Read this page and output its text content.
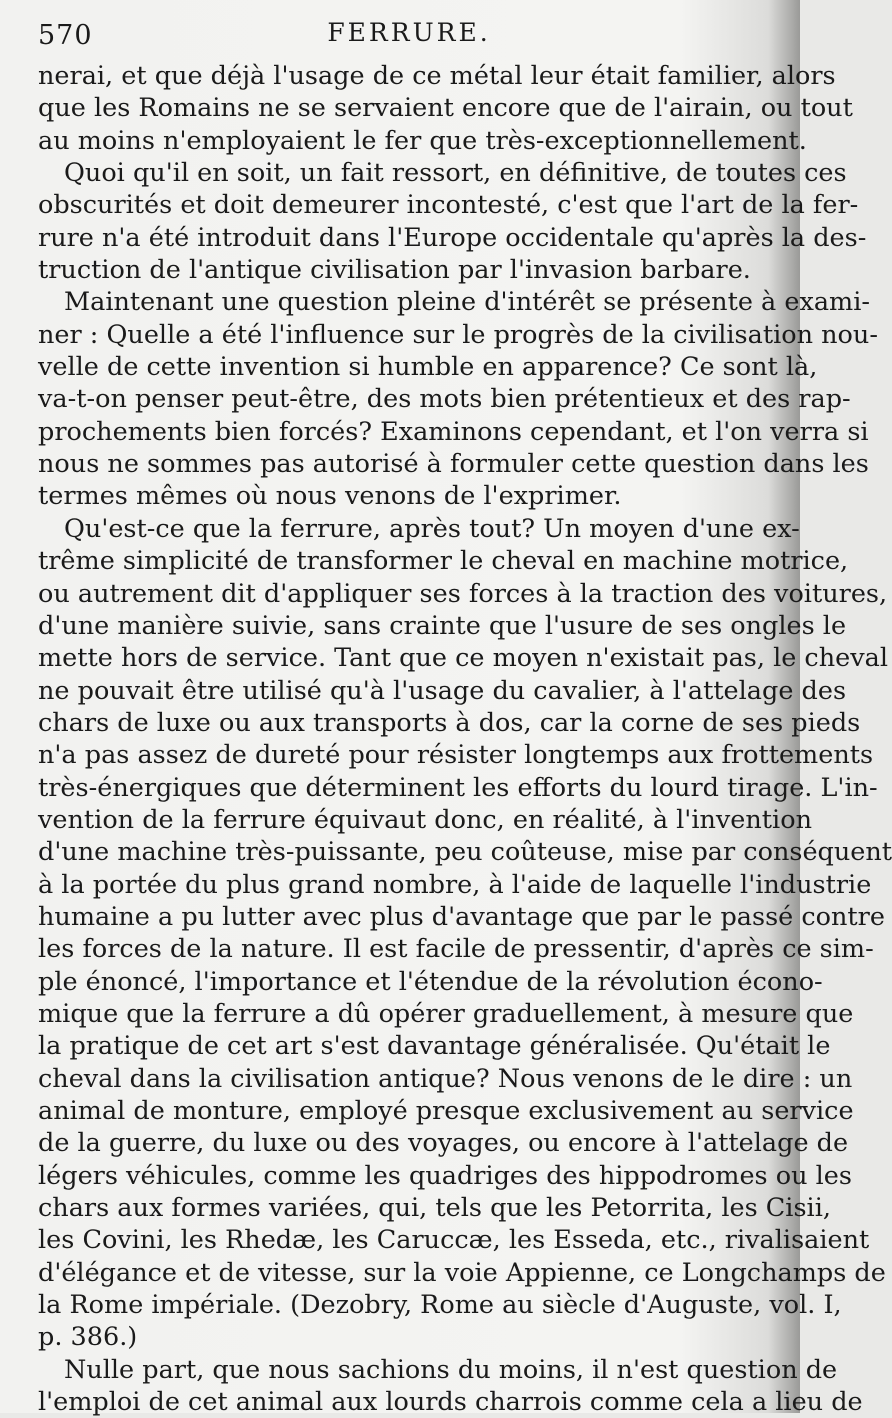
570	FERRURE.
nerai, et que déjà l'usage de ce métal leur était familier, alors
que les Romains ne se servaient encore que de l'airain, ou tout
au moins n'employaient le fer que très-exceptionnellement.
Quoi qu'il en soit, un fait ressort, en définitive, de toutes ces
obscurités et doit demeurer incontesté, c'est que l'art de la fer-
rure n'a été introduit dans l'Europe occidentale qu'après la des-
truction de l'antique civilisation par l'invasion barbare.
Maintenant une question pleine d'intérêt se présente à exami-
ner : Quelle a été l'influence sur le progrès de la civilisation nou-
velle de cette invention si humble en apparence? Ce sont là,
va-t-on penser peut-être, des mots bien prétentieux et des rap-
prochements bien forcés? Examinons cependant, et l'on verra si
nous ne sommes pas autorisé à formuler cette question dans les
termes mêmes où nous venons de l'exprimer.
Qu'est-ce que la ferrure, après tout? Un moyen d'une ex-
trême simplicité de transformer le cheval en machine motrice,
ou autrement dit d'appliquer ses forces à la traction des voitures,
d'une manière suivie, sans crainte que l'usure de ses ongles le
mette hors de service. Tant que ce moyen n'existait pas, le cheval
ne pouvait être utilisé qu'à l'usage du cavalier, à l'attelage des
chars de luxe ou aux transports à dos, car la corne de ses pieds
n'a pas assez de dureté pour résister longtemps aux frottements
très-énergiques que déterminent les efforts du lourd tirage. L'in-
vention de la ferrure équivaut donc, en réalité, à l'invention
d'une machine très-puissante, peu coûteuse, mise par conséquent
à la portée du plus grand nombre, à l'aide de laquelle l'industrie
humaine a pu lutter avec plus d'avantage que par le passé contre
les forces de la nature. Il est facile de pressentir, d'après ce sim-
ple énoncé, l'importance et l'étendue de la révolution écono-
mique que la ferrure a dû opérer graduellement, à mesure que
la pratique de cet art s'est davantage généralisée. Qu'était le
cheval dans la civilisation antique? Nous venons de le dire : un
animal de monture, employé presque exclusivement au service
de la guerre, du luxe ou des voyages, ou encore à l'attelage de
légers véhicules, comme les quadriges des hippodromes ou les
chars aux formes variées, qui, tels que les Petorrita, les Cisii,
les Covini, les Rhedæ, les Caruccæ, les Esseda, etc., rivalisaient
d'élégance et de vitesse, sur la voie Appienne, ce Longchamps de
la Rome impériale. (Dezobry, Rome au siècle d'Auguste, vol. I,
p. 386.)
Nulle part, que nous sachions du moins, il n'est question de
l'emploi de cet animal aux lourds charrois comme cela a lieu de
